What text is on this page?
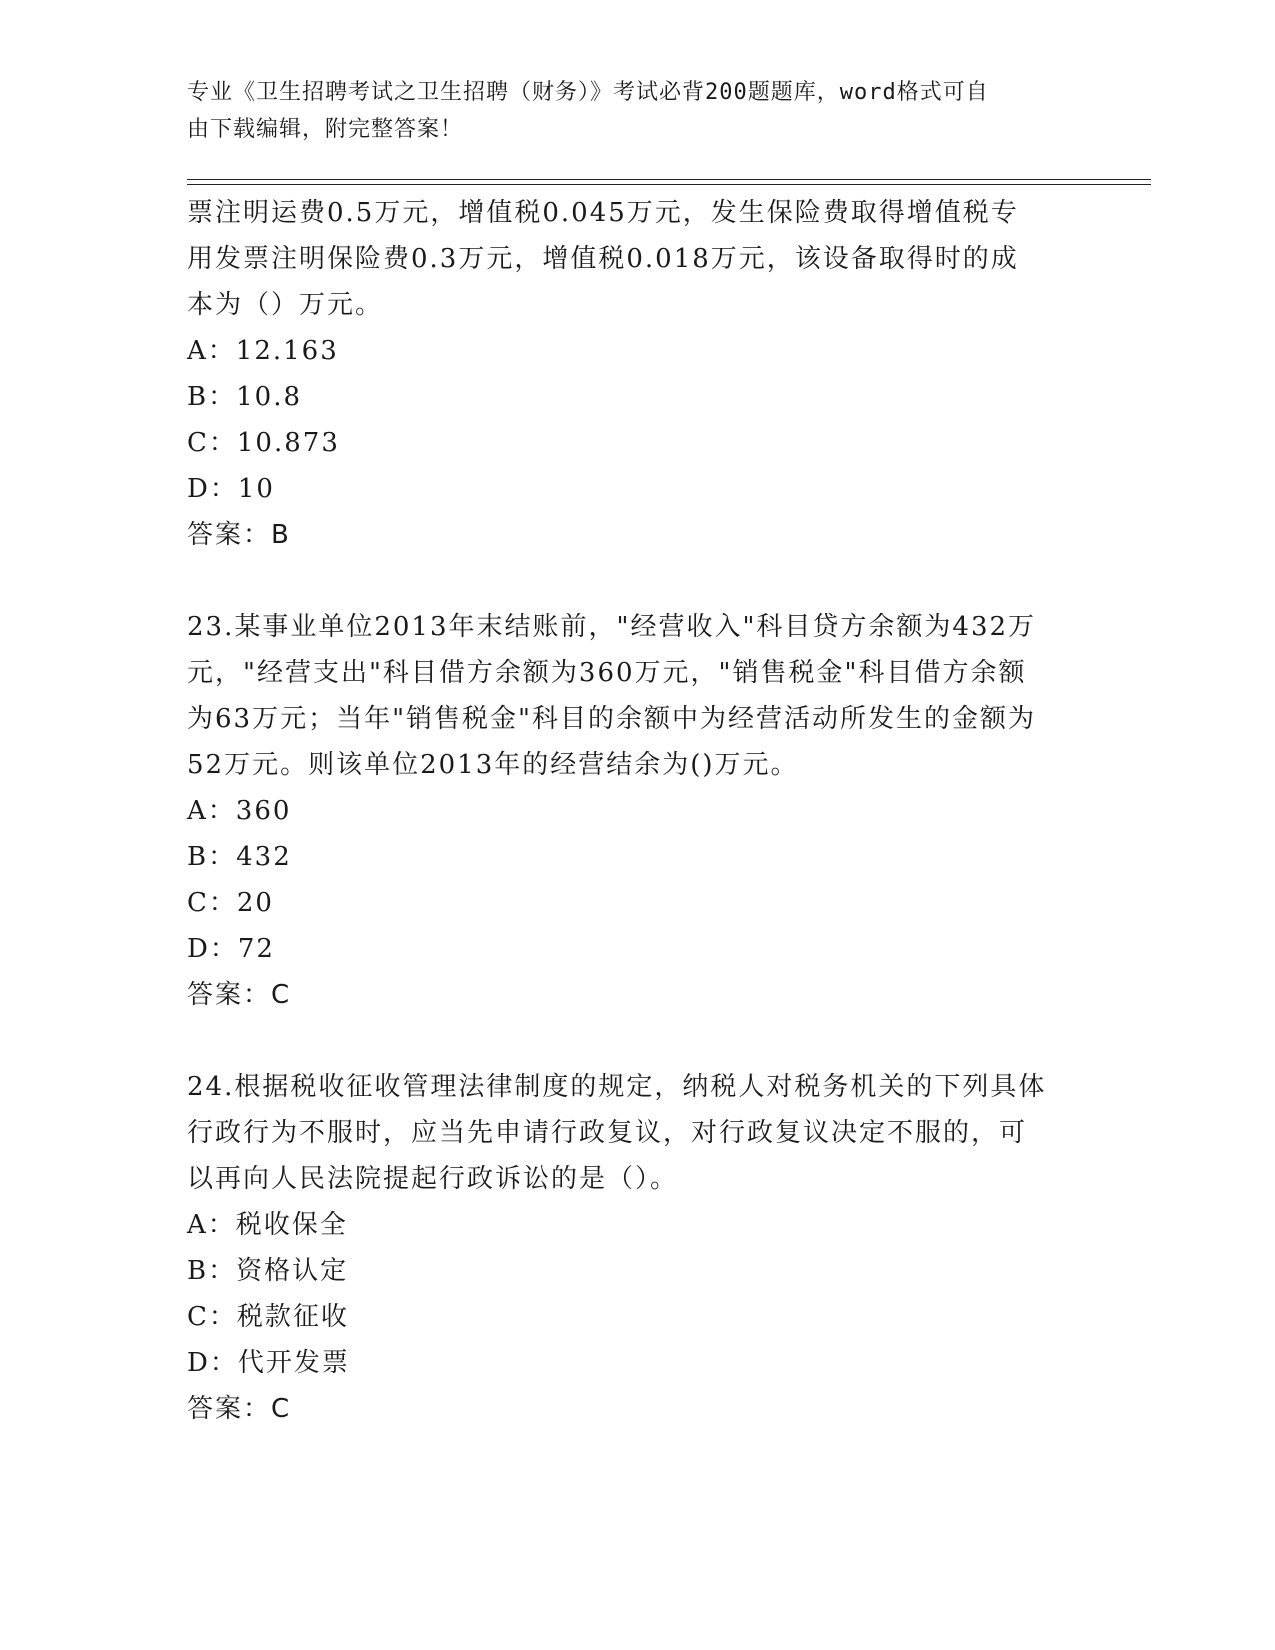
专业《卫生招聘考试之卫生招聘（财务）》考试必背200题题库，word格式可自
由下载编辑，附完整答案！

票注明运费0.5万元，增值税0.045万元，发生保险费取得增值税专

用发票注明保险费0.3万元，增值税0.018万元，该设备取得时的成

本为（）万元。

A：12.163

B：10.8

C：10.873

D：10

答案：B

23.某事业单位2013年末结账前，"经营收入"科目贷方余额为432万

元，"经营支出"科目借方余额为360万元，"销售税金"科目借方余额

为63万元；当年"销售税金"科目的余额中为经营活动所发生的金额为

52万元。则该单位2013年的经营结余为()万元。

A：360

B：432

C：20

D：72

答案：C

24.根据税收征收管理法律制度的规定，纳税人对税务机关的下列具体

行政行为不服时，应当先申请行政复议，对行政复议决定不服的，可

以再向人民法院提起行政诉讼的是（）。

A：税收保全

B：资格认定

C：税款征收

D：代开发票

答案：C
